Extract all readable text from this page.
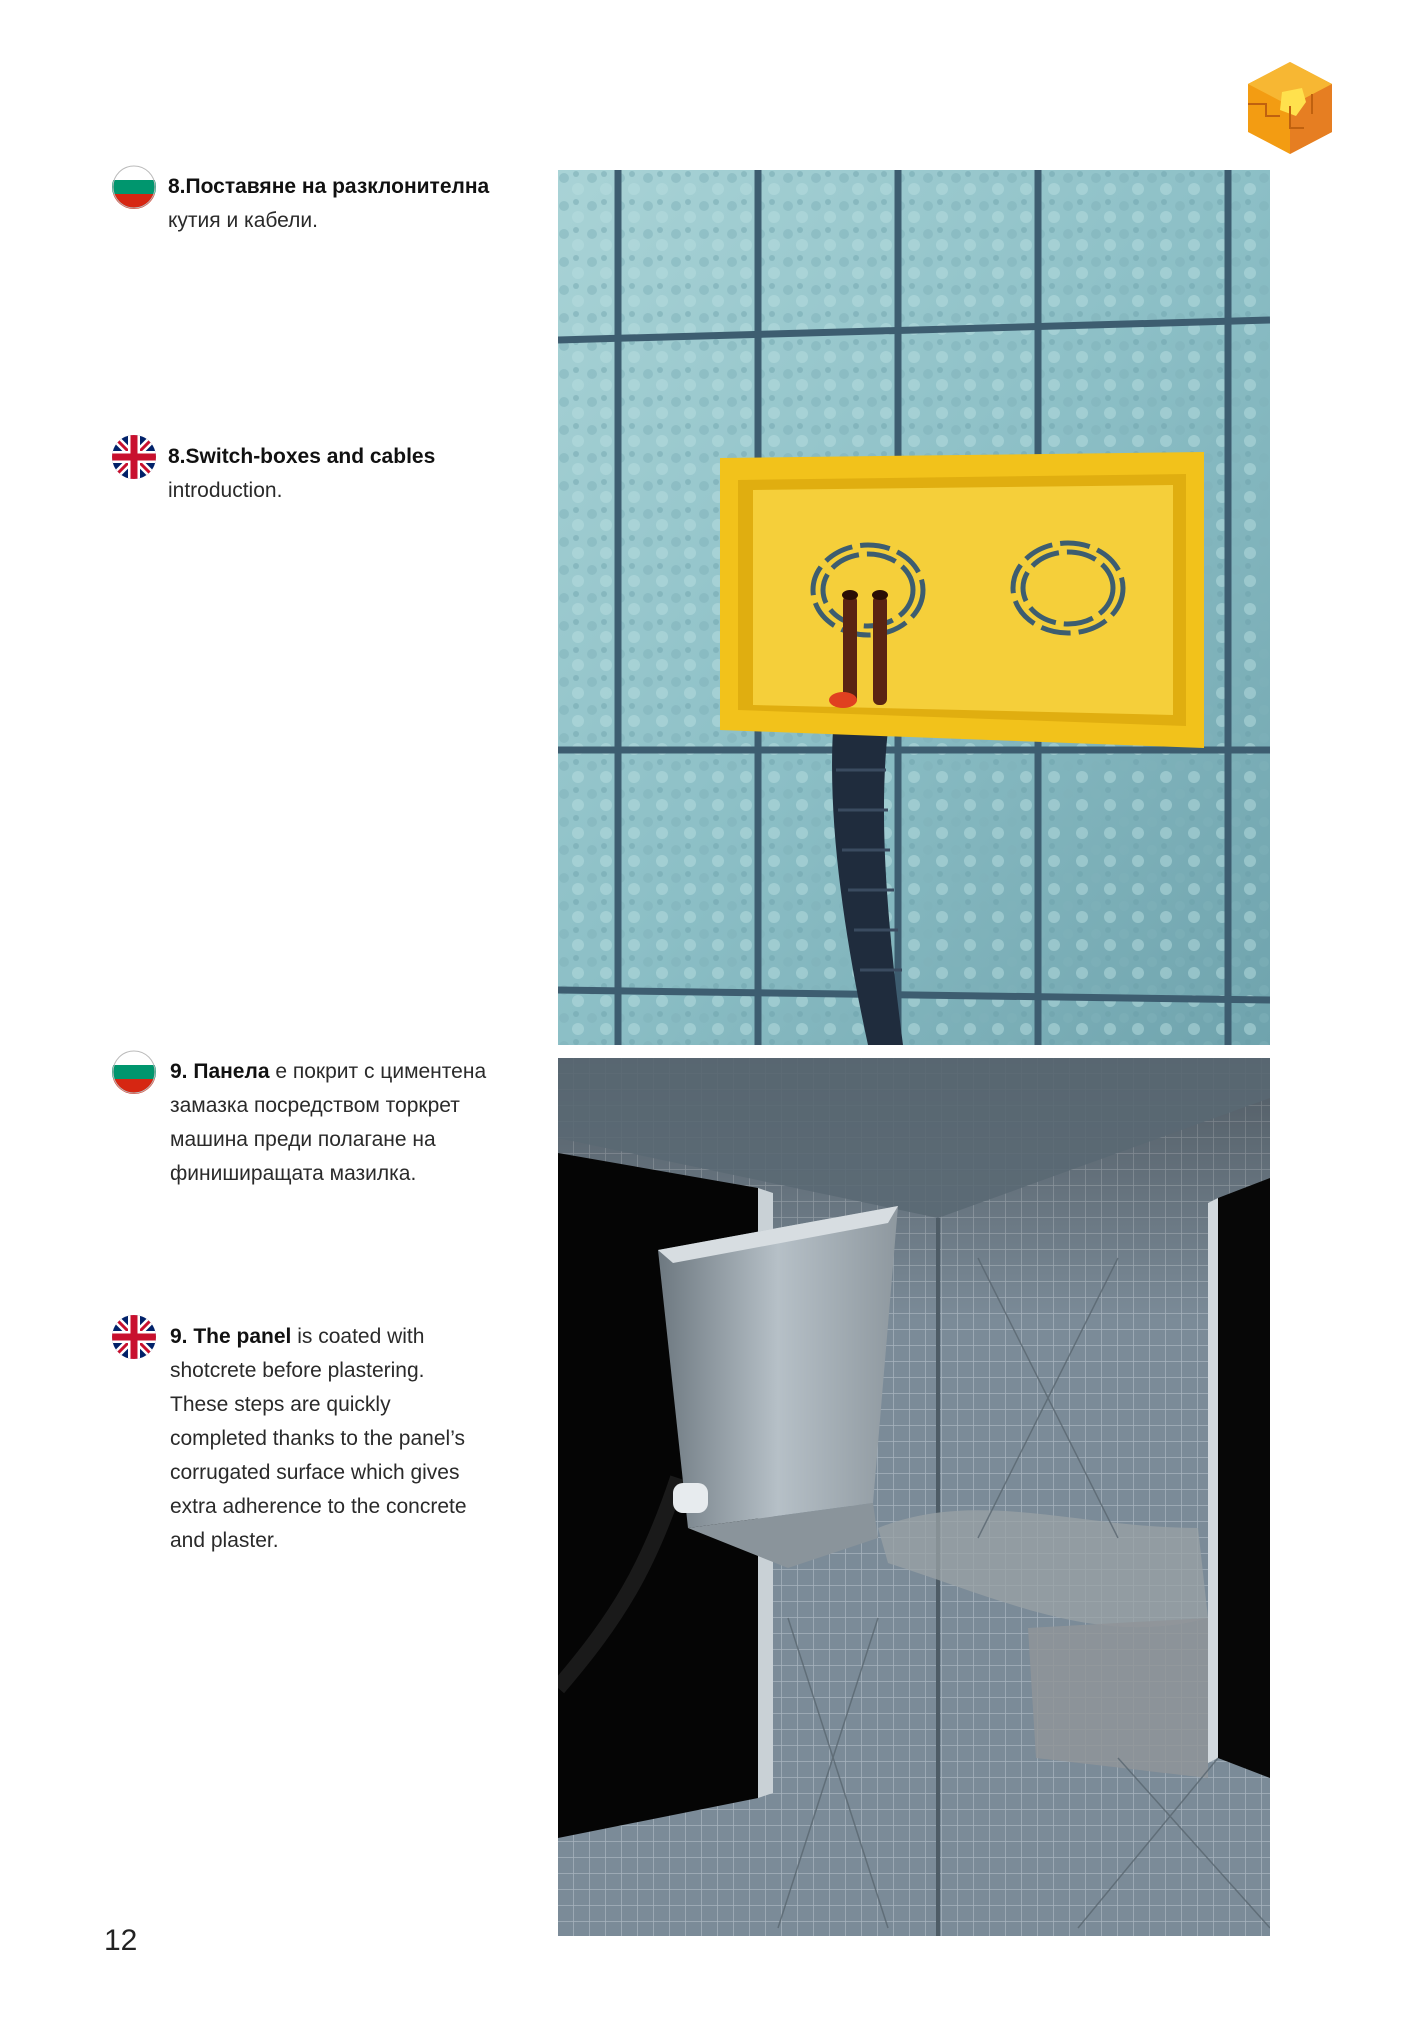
8.Поставяне на разклонителна
кутия и кабели.
8.Switch-boxes and cables
introduction.
9. Панела е покрит с циментена
замазка посредством торкрет
машина преди полагане на
финиширащата мазилка.
9. The panel is coated with
shotcrete before plastering.
These steps are quickly
completed thanks to the panel’s
corrugated surface which gives
extra adherence to the concrete
and plaster.
12
